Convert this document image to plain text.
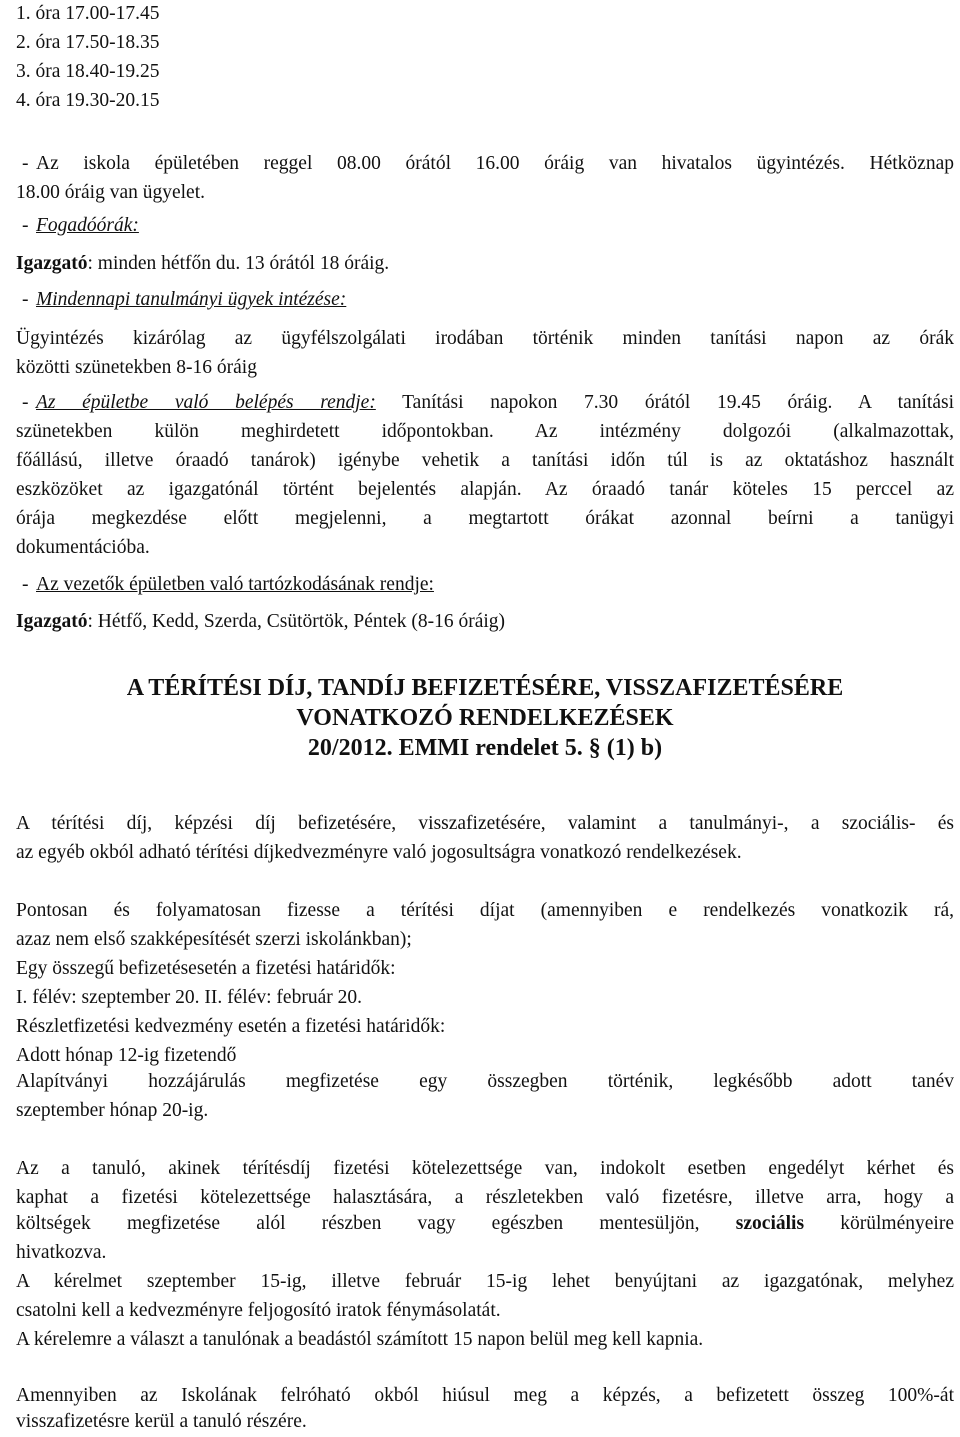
1. óra 17.00-17.45
2. óra 17.50-18.35
3. óra 18.40-19.25
4. óra 19.30-20.15
- Az iskola épületében reggel 08.00 órától 16.00 óráig van hivatalos ügyintézés. Hétköznap
18.00 óráig van ügyelet.
- Fogadóórák:
Igazgató: minden hétfőn du. 13 órától 18 óráig.
- Mindennapi tanulmányi ügyek intézése:
Ügyintézés kizárólag az ügyfélszolgálati irodában történik minden tanítási napon az órák
közötti szünetekben 8-16 óráig
- Az épületbe való belépés rendje: Tanítási napokon 7.30 órától 19.45 óráig. A tanítási
szünetekben külön meghirdetett időpontokban. Az intézmény dolgozói (alkalmazottak,
főállású, illetve óraadó tanárok) igénybe vehetik a tanítási időn túl is az oktatáshoz használt
eszközöket az igazgatónál történt bejelentés alapján. Az óraadó tanár köteles 15 perccel az
órája megkezdése előtt megjelenni, a megtartott órákat azonnal beírni a tanügyi
dokumentációba.
- Az vezetők épületben való tartózkodásának rendje:
Igazgató: Hétfő, Kedd, Szerda, Csütörtök, Péntek (8-16 óráig)
A TÉRÍTÉSI DÍJ, TANDÍJ BEFIZETÉSÉRE, VISSZAFIZETÉSÉRE
VONATKOZÓ RENDELKEZÉSEK
20/2012. EMMI rendelet 5. § (1) b)
A térítési díj, képzési díj befizetésére, visszafizetésére, valamint a tanulmányi-, a szociális- és
az egyéb okból adható térítési díjkedvezményre való jogosultságra vonatkozó rendelkezések.
Pontosan és folyamatosan fizesse a térítési díjat (amennyiben e rendelkezés vonatkozik rá,
azaz nem első szakképesítését szerzi iskolánkban);
Egy összegű befizetésesetén a fizetési határidők:
I. félév: szeptember 20. II. félév: február 20.
Részletfizetési kedvezmény esetén a fizetési határidők:
Adott hónap 12-ig fizetendő
Alapítványi hozzájárulás megfizetése egy összegben történik, legkésőbb adott tanév
szeptember hónap 20-ig.
Az a tanuló, akinek térítésdíj fizetési kötelezettsége van, indokolt esetben engedélyt kérhet és
kaphat a fizetési kötelezettsége halasztására, a részletekben való fizetésre, illetve arra, hogy a
költségek megfizetése alól részben vagy egészben mentesüljön, szociális körülményeire
hivatkozva.
A kérelmet szeptember 15-ig, illetve február 15-ig lehet benyújtani az igazgatónak, melyhez
csatolni kell a kedvezményre feljogosító iratok fénymásolatát.
A kérelemre a választ a tanulónak a beadástól számított 15 napon belül meg kell kapnia.
Amennyiben az Iskolának felróható okból hiúsul meg a képzés, a befizetett összeg 100%-át
visszafizetésre kerül a tanuló részére.
